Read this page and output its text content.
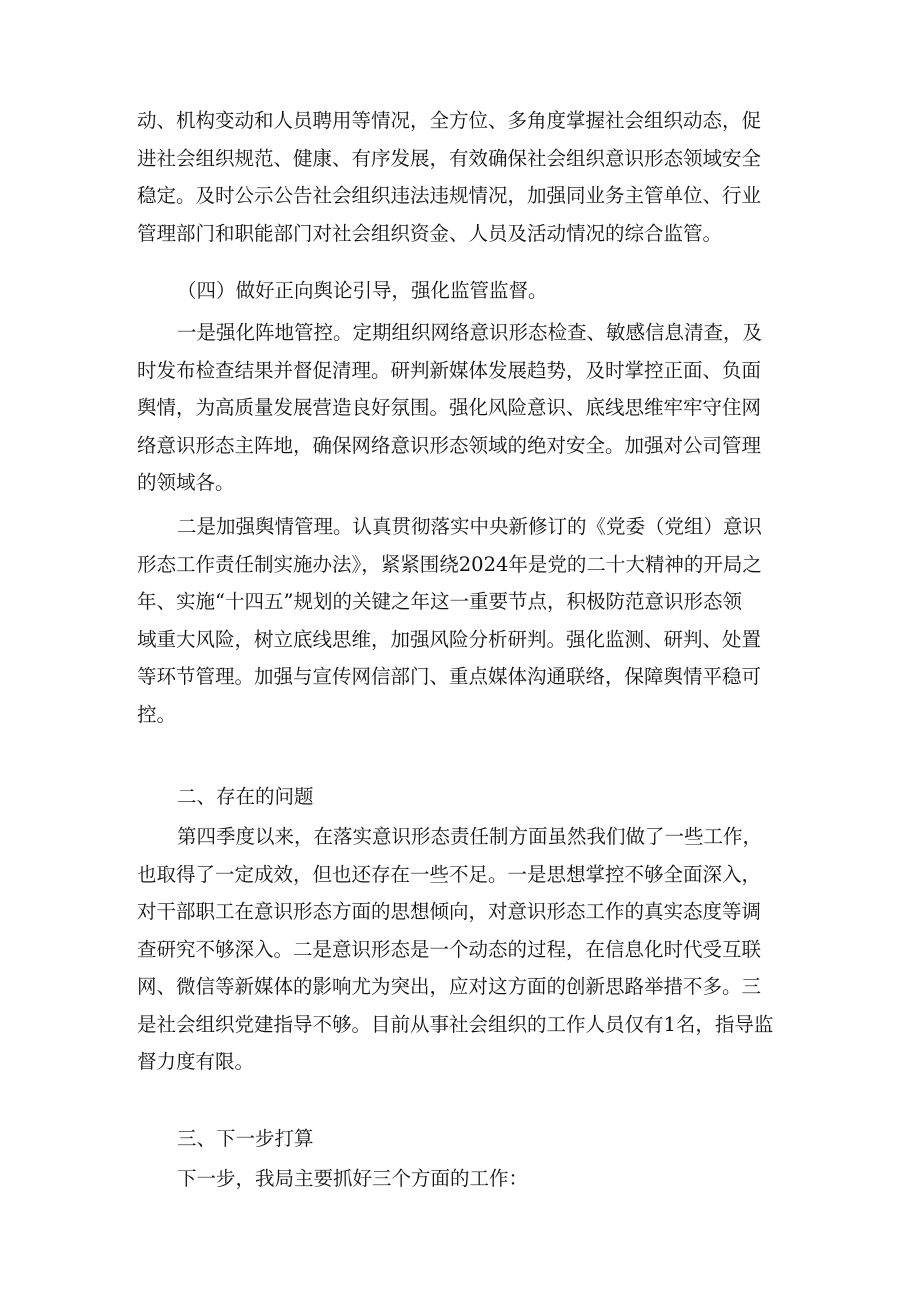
动、机构变动和人员聘用等情况，全方位、多角度掌握社会组织动态，促
进社会组织规范、健康、有序发展，有效确保社会组织意识形态领域安全
稳定。及时公示公告社会组织违法违规情况，加强同业务主管单位、行业
管理部门和职能部门对社会组织资金、人员及活动情况的综合监管。
（四）做好正向舆论引导，强化监管监督。
一是强化阵地管控。定期组织网络意识形态检查、敏感信息清查，及
时发布检查结果并督促清理。研判新媒体发展趋势，及时掌控正面、负面
舆情，为高质量发展营造良好氛围。强化风险意识、底线思维牢牢守住网
络意识形态主阵地，确保网络意识形态领域的绝对安全。加强对公司管理
的领域各。
二是加强舆情管理。认真贯彻落实中央新修订的《党委（党组）意识
形态工作责任制实施办法》，紧紧围绕2024年是党的二十大精神的开局之
年、实施“十四五”规划的关键之年这一重要节点，积极防范意识形态领
域重大风险，树立底线思维，加强风险分析研判。强化监测、研判、处置
等环节管理。加强与宣传网信部门、重点媒体沟通联络，保障舆情平稳可
控。
二、存在的问题
第四季度以来，在落实意识形态责任制方面虽然我们做了一些工作，
也取得了一定成效，但也还存在一些不足。一是思想掌控不够全面深入，
对干部职工在意识形态方面的思想倾向，对意识形态工作的真实态度等调
查研究不够深入。二是意识形态是一个动态的过程，在信息化时代受互联
网、微信等新媒体的影响尤为突出，应对这方面的创新思路举措不多。三
是社会组织党建指导不够。目前从事社会组织的工作人员仅有1名，指导监
督力度有限。
三、下一步打算
下一步，我局主要抓好三个方面的工作：
